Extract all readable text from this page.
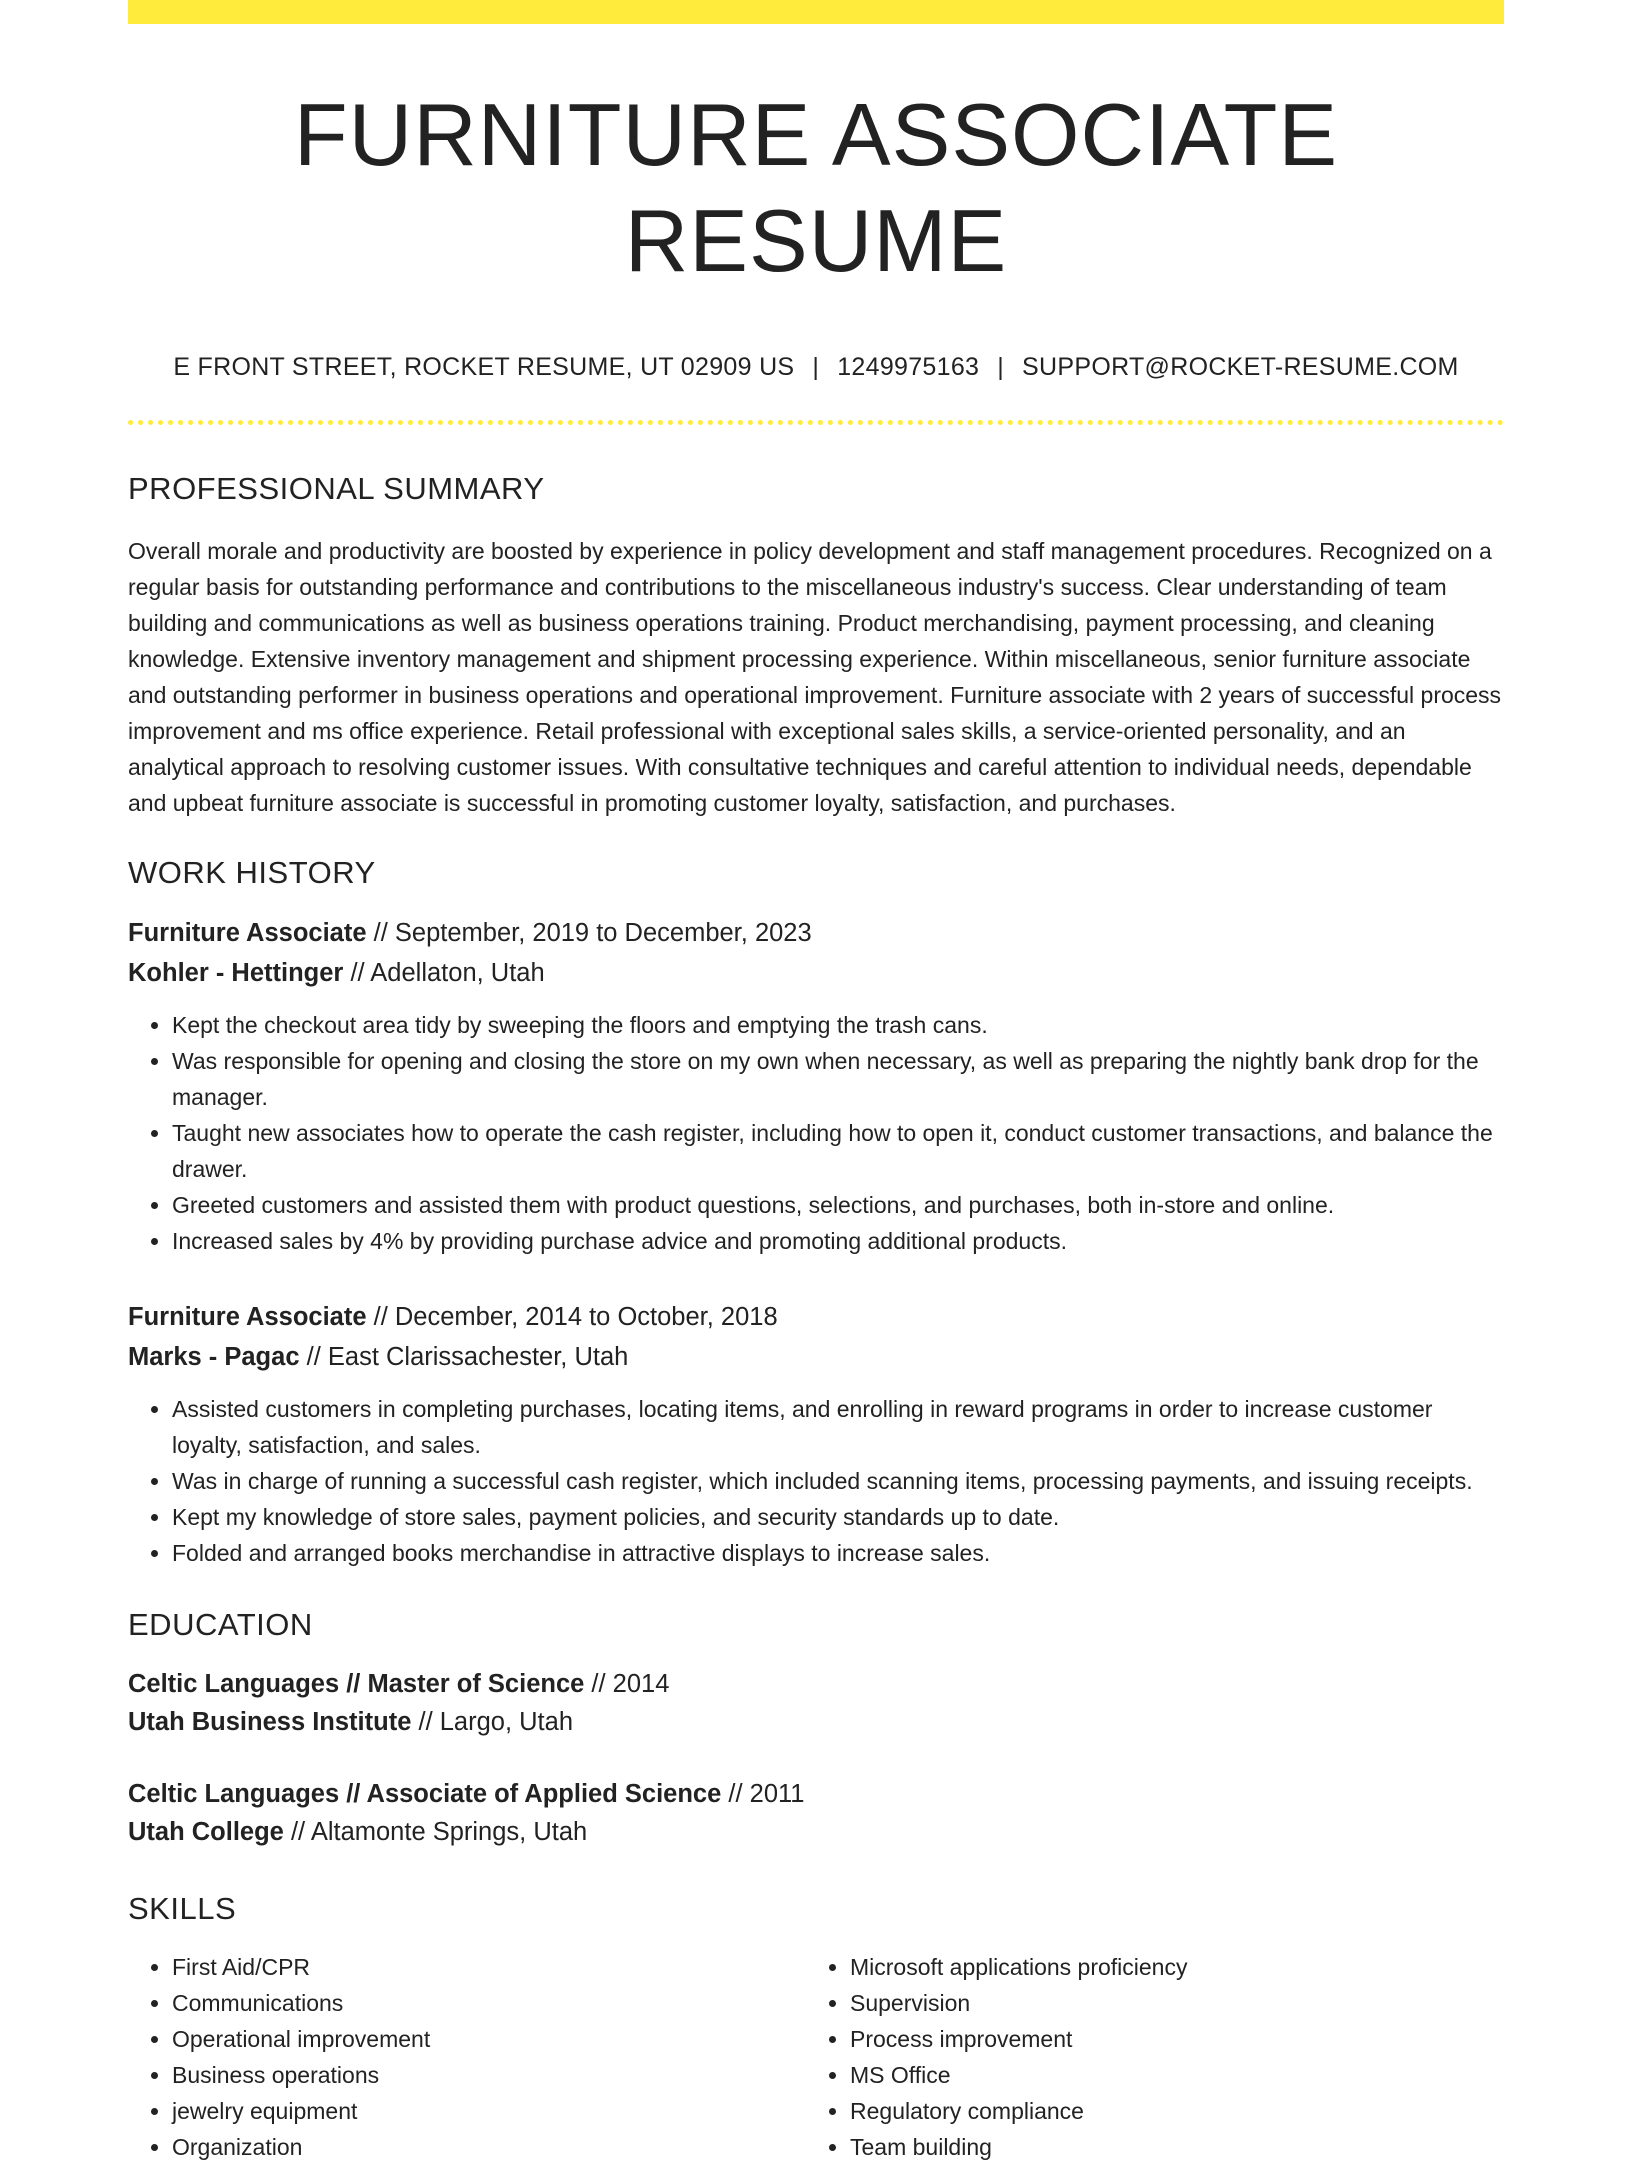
FURNITURE ASSOCIATE RESUME
E FRONT STREET, ROCKET RESUME, UT 02909 US | 1249975163 | SUPPORT@ROCKET-RESUME.COM
PROFESSIONAL SUMMARY

Overall morale and productivity are boosted by experience in policy development and staff management procedures. Recognized on a regular basis for outstanding performance and contributions to the miscellaneous industry's success. Clear understanding of team building and communications as well as business operations training. Product merchandising, payment processing, and cleaning knowledge. Extensive inventory management and shipment processing experience. Within miscellaneous, senior furniture associate and outstanding performer in business operations and operational improvement. Furniture associate with 2 years of successful process improvement and ms office experience. Retail professional with exceptional sales skills, a service-oriented personality, and an analytical approach to resolving customer issues. With consultative techniques and careful attention to individual needs, dependable and upbeat furniture associate is successful in promoting customer loyalty, satisfaction, and purchases.

WORK HISTORY
Furniture Associate // September, 2019 to December, 2023
Kohler - Hettinger // Adellaton, Utah
• Kept the checkout area tidy by sweeping the floors and emptying the trash cans.
• Was responsible for opening and closing the store on my own when necessary, as well as preparing the nightly bank drop for the manager.
• Taught new associates how to operate the cash register, including how to open it, conduct customer transactions, and balance the drawer.
• Greeted customers and assisted them with product questions, selections, and purchases, both in-store and online.
• Increased sales by 4% by providing purchase advice and promoting additional products.
Furniture Associate // December, 2014 to October, 2018
Marks - Pagac // East Clarissachester, Utah
• Assisted customers in completing purchases, locating items, and enrolling in reward programs in order to increase customer loyalty, satisfaction, and sales.
• Was in charge of running a successful cash register, which included scanning items, processing payments, and issuing receipts.
• Kept my knowledge of store sales, payment policies, and security standards up to date.
• Folded and arranged books merchandise in attractive displays to increase sales.
EDUCATION
Celtic Languages // Master of Science // 2014
Utah Business Institute // Largo, Utah
Celtic Languages // Associate of Applied Science // 2011
Utah College // Altamonte Springs, Utah
SKILLS
• First Aid/CPR
• Communications
• Operational improvement
• Business operations
• jewelry equipment
• Organization
• Microsoft applications proficiency
• Supervision
• Process improvement
• MS Office
• Regulatory compliance
• Team building
